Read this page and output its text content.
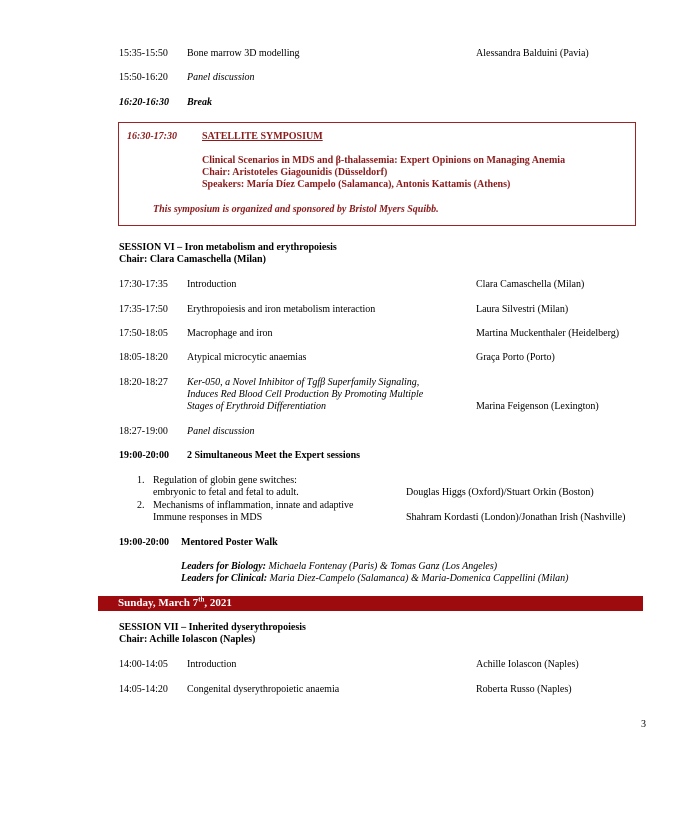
15:35-15:50 Bone marrow 3D modelling	Alessandra Balduini (Pavia)
15:50-16:20 Panel discussion
16:20-16:30 Break
16:30-17:30	SATELLITE SYMPOSIUM
Clinical Scenarios in MDS and β-thalassemia: Expert Opinions on Managing Anemia
Chair: Aristoteles Giagounidis (Düsseldorf)
Speakers: María Díez Campelo (Salamanca), Antonis Kattamis (Athens)
This symposium is organized and sponsored by Bristol Myers Squibb.
SESSION VI – Iron metabolism and erythropoiesis
Chair: Clara Camaschella (Milan)
17:30-17:35 Introduction	Clara Camaschella (Milan)
17:35-17:50 Erythropoiesis and iron metabolism interaction	Laura Silvestri (Milan)
17:50-18:05 Macrophage and iron	Martina Muckenthaler (Heidelberg)
18:05-18:20 Atypical microcytic anaemias	Graça Porto (Porto)
18:20-18:27 Ker-050, a Novel Inhibitor of Tgfβ Superfamily Signaling,
Induces Red Blood Cell Production By Promoting Multiple
Stages of Erythroid Differentiation	Marina Feigenson (Lexington)
18:27-19:00 Panel discussion
19:00-20:00 2 Simultaneous Meet the Expert sessions
1. Regulation of globin gene switches:
embryonic to fetal and fetal to adult.	Douglas Higgs (Oxford)/Stuart Orkin (Boston)
2. Mechanisms of inflammation, innate and adaptive
Immune responses in MDS	Shahram Kordasti (London)/Jonathan Irish (Nashville)
19:00-20:00 Mentored Poster Walk
Leaders for Biology: Michaela Fontenay (Paris) & Tomas Ganz (Los Angeles)
Leaders for Clinical: Maria Diez-Campelo (Salamanca) & Maria-Domenica Cappellini (Milan)
Sunday, March 7th, 2021
SESSION VII – Inherited dyserythropoiesis
Chair: Achille Iolascon (Naples)
14:00-14:05 Introduction	Achille Iolascon (Naples)
14:05-14:20 Congenital dyserythropoietic anaemia	Roberta Russo (Naples)
3
